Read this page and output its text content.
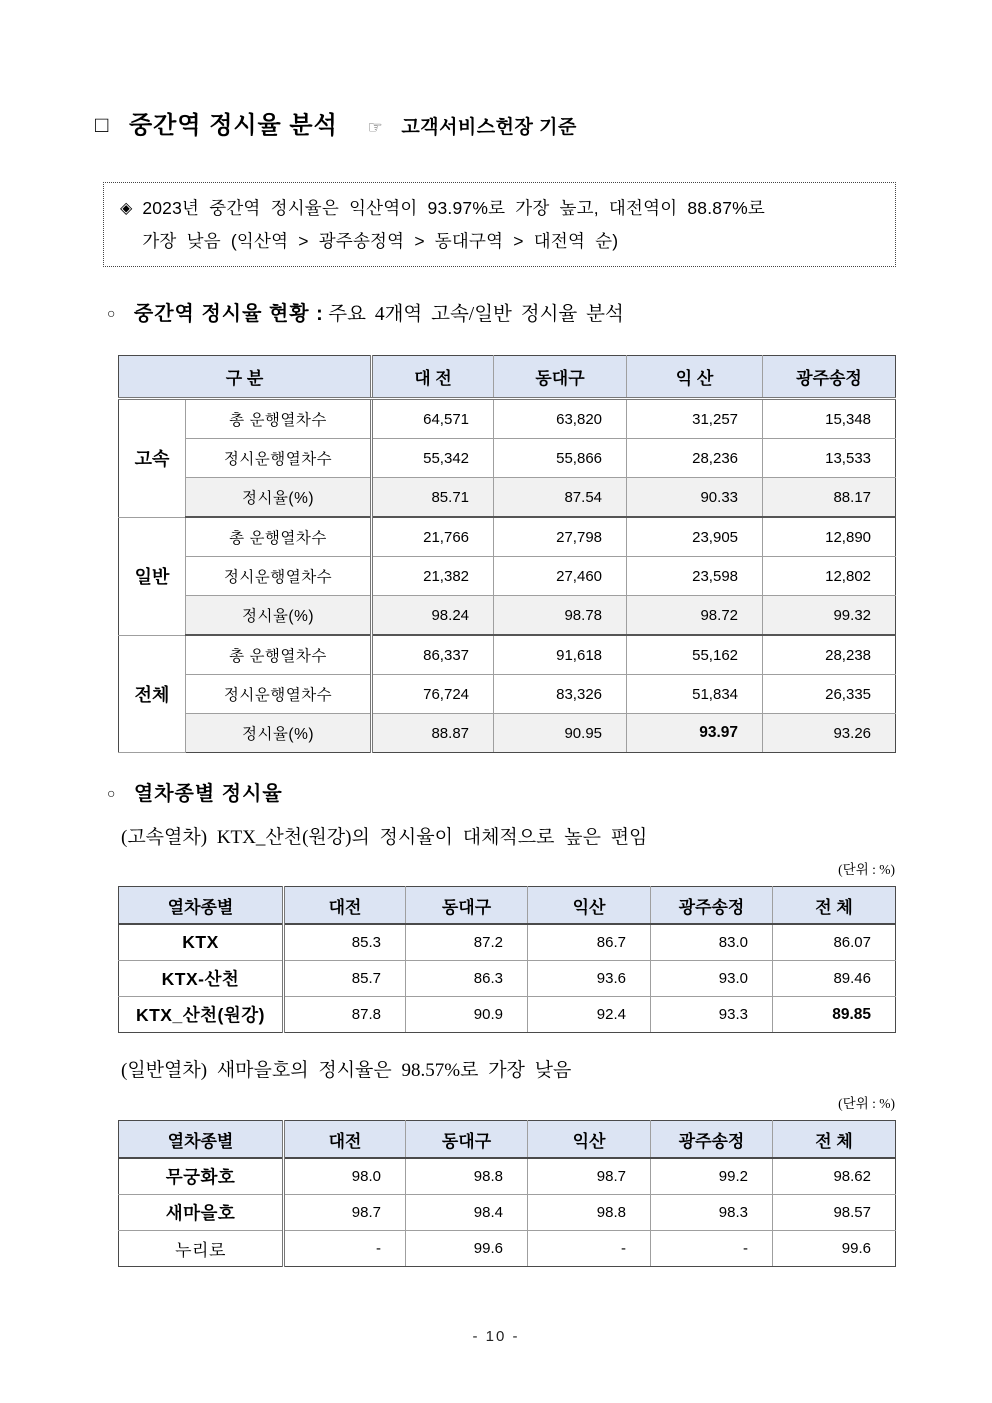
□ 중간역 정시율 분석 ☞ 고객서비스헌장 기준
◈ 2023년 중간역 정시율은 익산역이 93.97%로 가장 높고, 대전역이 88.87%로
가장 낮음 (익산역 > 광주송정역 > 동대구역 > 대전역 순)
○ 중간역 정시율 현황 : 주요 4개역 고속/일반 정시율 분석
구 분		대 전	동대구	익 산	광주송정
고속	총 운행열차수	64,571	63,820	31,257	15,348
	정시운행열차수	55,342	55,866	28,236	13,533
	정시율(%)	85.71	87.54	90.33	88.17
일반	총 운행열차수	21,766	27,798	23,905	12,890
	정시운행열차수	21,382	27,460	23,598	12,802
	정시율(%)	98.24	98.78	98.72	99.32
전체	총 운행열차수	86,337	91,618	55,162	28,238
	정시운행열차수	76,724	83,326	51,834	26,335
	정시율(%)	88.87	90.95	93.97	93.26
○ 열차종별 정시율
(고속열차) KTX_산천(원강)의 정시율이 대체적으로 높은 편임
(단위 : %)
열차종별	대전	동대구	익산	광주송정	전 체
KTX	85.3	87.2	86.7	83.0	86.07
KTX-산천	85.7	86.3	93.6	93.0	89.46
KTX_산천(원강)	87.8	90.9	92.4	93.3	89.85
(일반열차) 새마을호의 정시율은 98.57%로 가장 낮음
(단위 : %)
열차종별	대전	동대구	익산	광주송정	전 체
무궁화호	98.0	98.8	98.7	99.2	98.62
새마을호	98.7	98.4	98.8	98.3	98.57
누리로	-	99.6	-	-	99.6
- 10 -
